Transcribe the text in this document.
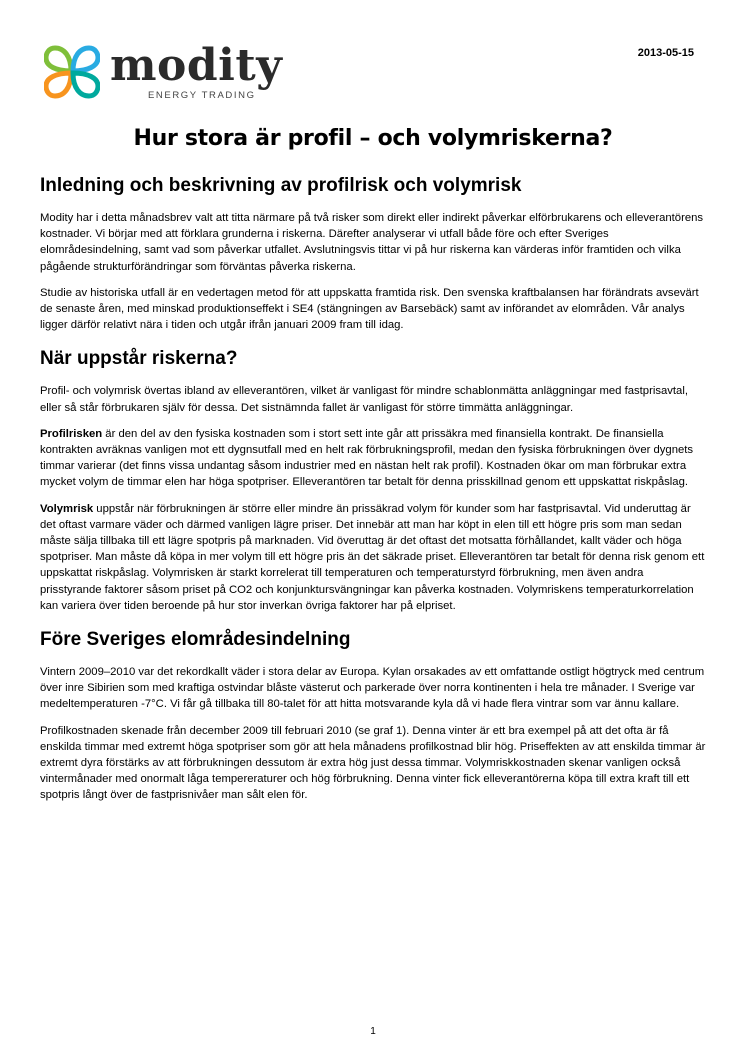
modity
ENERGY TRADING
2013-05-15
Hur stora är profil – och volymriskerna?
Inledning och beskrivning av profilrisk och volymrisk

Modity har i detta månadsbrev valt att titta närmare på två risker som direkt eller indirekt påverkar elförbrukarens och elleverantörens kostnader. Vi börjar med att förklara grunderna i riskerna. Därefter analyserar vi utfall både före och efter Sveriges elområdesindelning, samt vad som påverkar utfallet. Avslutningsvis tittar vi på hur riskerna kan värderas inför framtiden och vilka pågående strukturförändringar som förväntas påverka riskerna.

Studie av historiska utfall är en vedertagen metod för att uppskatta framtida risk. Den svenska kraftbalansen har förändrats avsevärt de senaste åren, med minskad produktionseffekt i SE4 (stängningen av Barsebäck) samt av införandet av elområden. Vår analys ligger därför relativt nära i tiden och utgår ifrån januari 2009 fram till idag.

När uppstår riskerna?

Profil- och volymrisk övertas ibland av elleverantören, vilket är vanligast för mindre schablonmätta anläggningar med fastprisavtal, eller så står förbrukaren själv för dessa. Det sistnämnda fallet är vanligast för större timmätta anläggningar.

Profilrisken är den del av den fysiska kostnaden som i stort sett inte går att prissäkra med finansiella kontrakt. De finansiella kontrakten avräknas vanligen mot ett dygnsutfall med en helt rak förbrukningsprofil, medan den fysiska förbrukningen över dygnets timmar varierar (det finns vissa undantag såsom industrier med en nästan helt rak profil). Kostnaden ökar om man förbrukar extra mycket volym de timmar elen har höga spotpriser. Elleverantören tar betalt för denna prisskillnad genom ett uppskattat riskpåslag.

Volymrisk uppstår när förbrukningen är större eller mindre än prissäkrad volym för kunder som har fastprisavtal. Vid underuttag är det oftast varmare väder och därmed vanligen lägre priser. Det innebär att man har köpt in elen till ett högre pris som man sedan måste sälja tillbaka till ett lägre spotpris på marknaden. Vid överuttag är det oftast det motsatta förhållandet, kallt väder och höga spotpriser. Man måste då köpa in mer volym till ett högre pris än det säkrade priset. Elleverantören tar betalt för denna risk genom ett uppskattat riskpåslag. Volymrisken är starkt korrelerat till temperaturen och temperaturstyrd förbrukning, men även andra prisstyrande faktorer såsom priset på CO2 och konjunktursvängningar kan påverka kostnaden. Volymriskens temperaturkorrelation kan variera över tiden beroende på hur stor inverkan övriga faktorer har på elpriset.

Före Sveriges elområdesindelning

Vintern 2009–2010 var det rekordkallt väder i stora delar av Europa. Kylan orsakades av ett omfattande ostligt högtryck med centrum över inre Sibirien som med kraftiga ostvindar blåste västerut och parkerade över norra kontinenten i hela tre månader. I Sverige var medeltemperaturen -7°C. Vi får gå tillbaka till 80-talet för att hitta motsvarande kyla då vi hade flera vintrar som var ännu kallare.

Profilkostnaden skenade från december 2009 till februari 2010 (se graf 1). Denna vinter är ett bra exempel på att det ofta är få enskilda timmar med extremt höga spotpriser som gör att hela månadens profilkostnad blir hög. Priseffekten av att enskilda timmar är extremt dyra förstärks av att förbrukningen dessutom är extra hög just dessa timmar. Volymriskkostnaden skenar vanligen också vintermånader med onormalt låga tempereraturer och hög förbrukning. Denna vinter fick elleverantörerna köpa till extra kraft till ett spotpris långt över de fastprisnivåer man sålt elen för.

1
